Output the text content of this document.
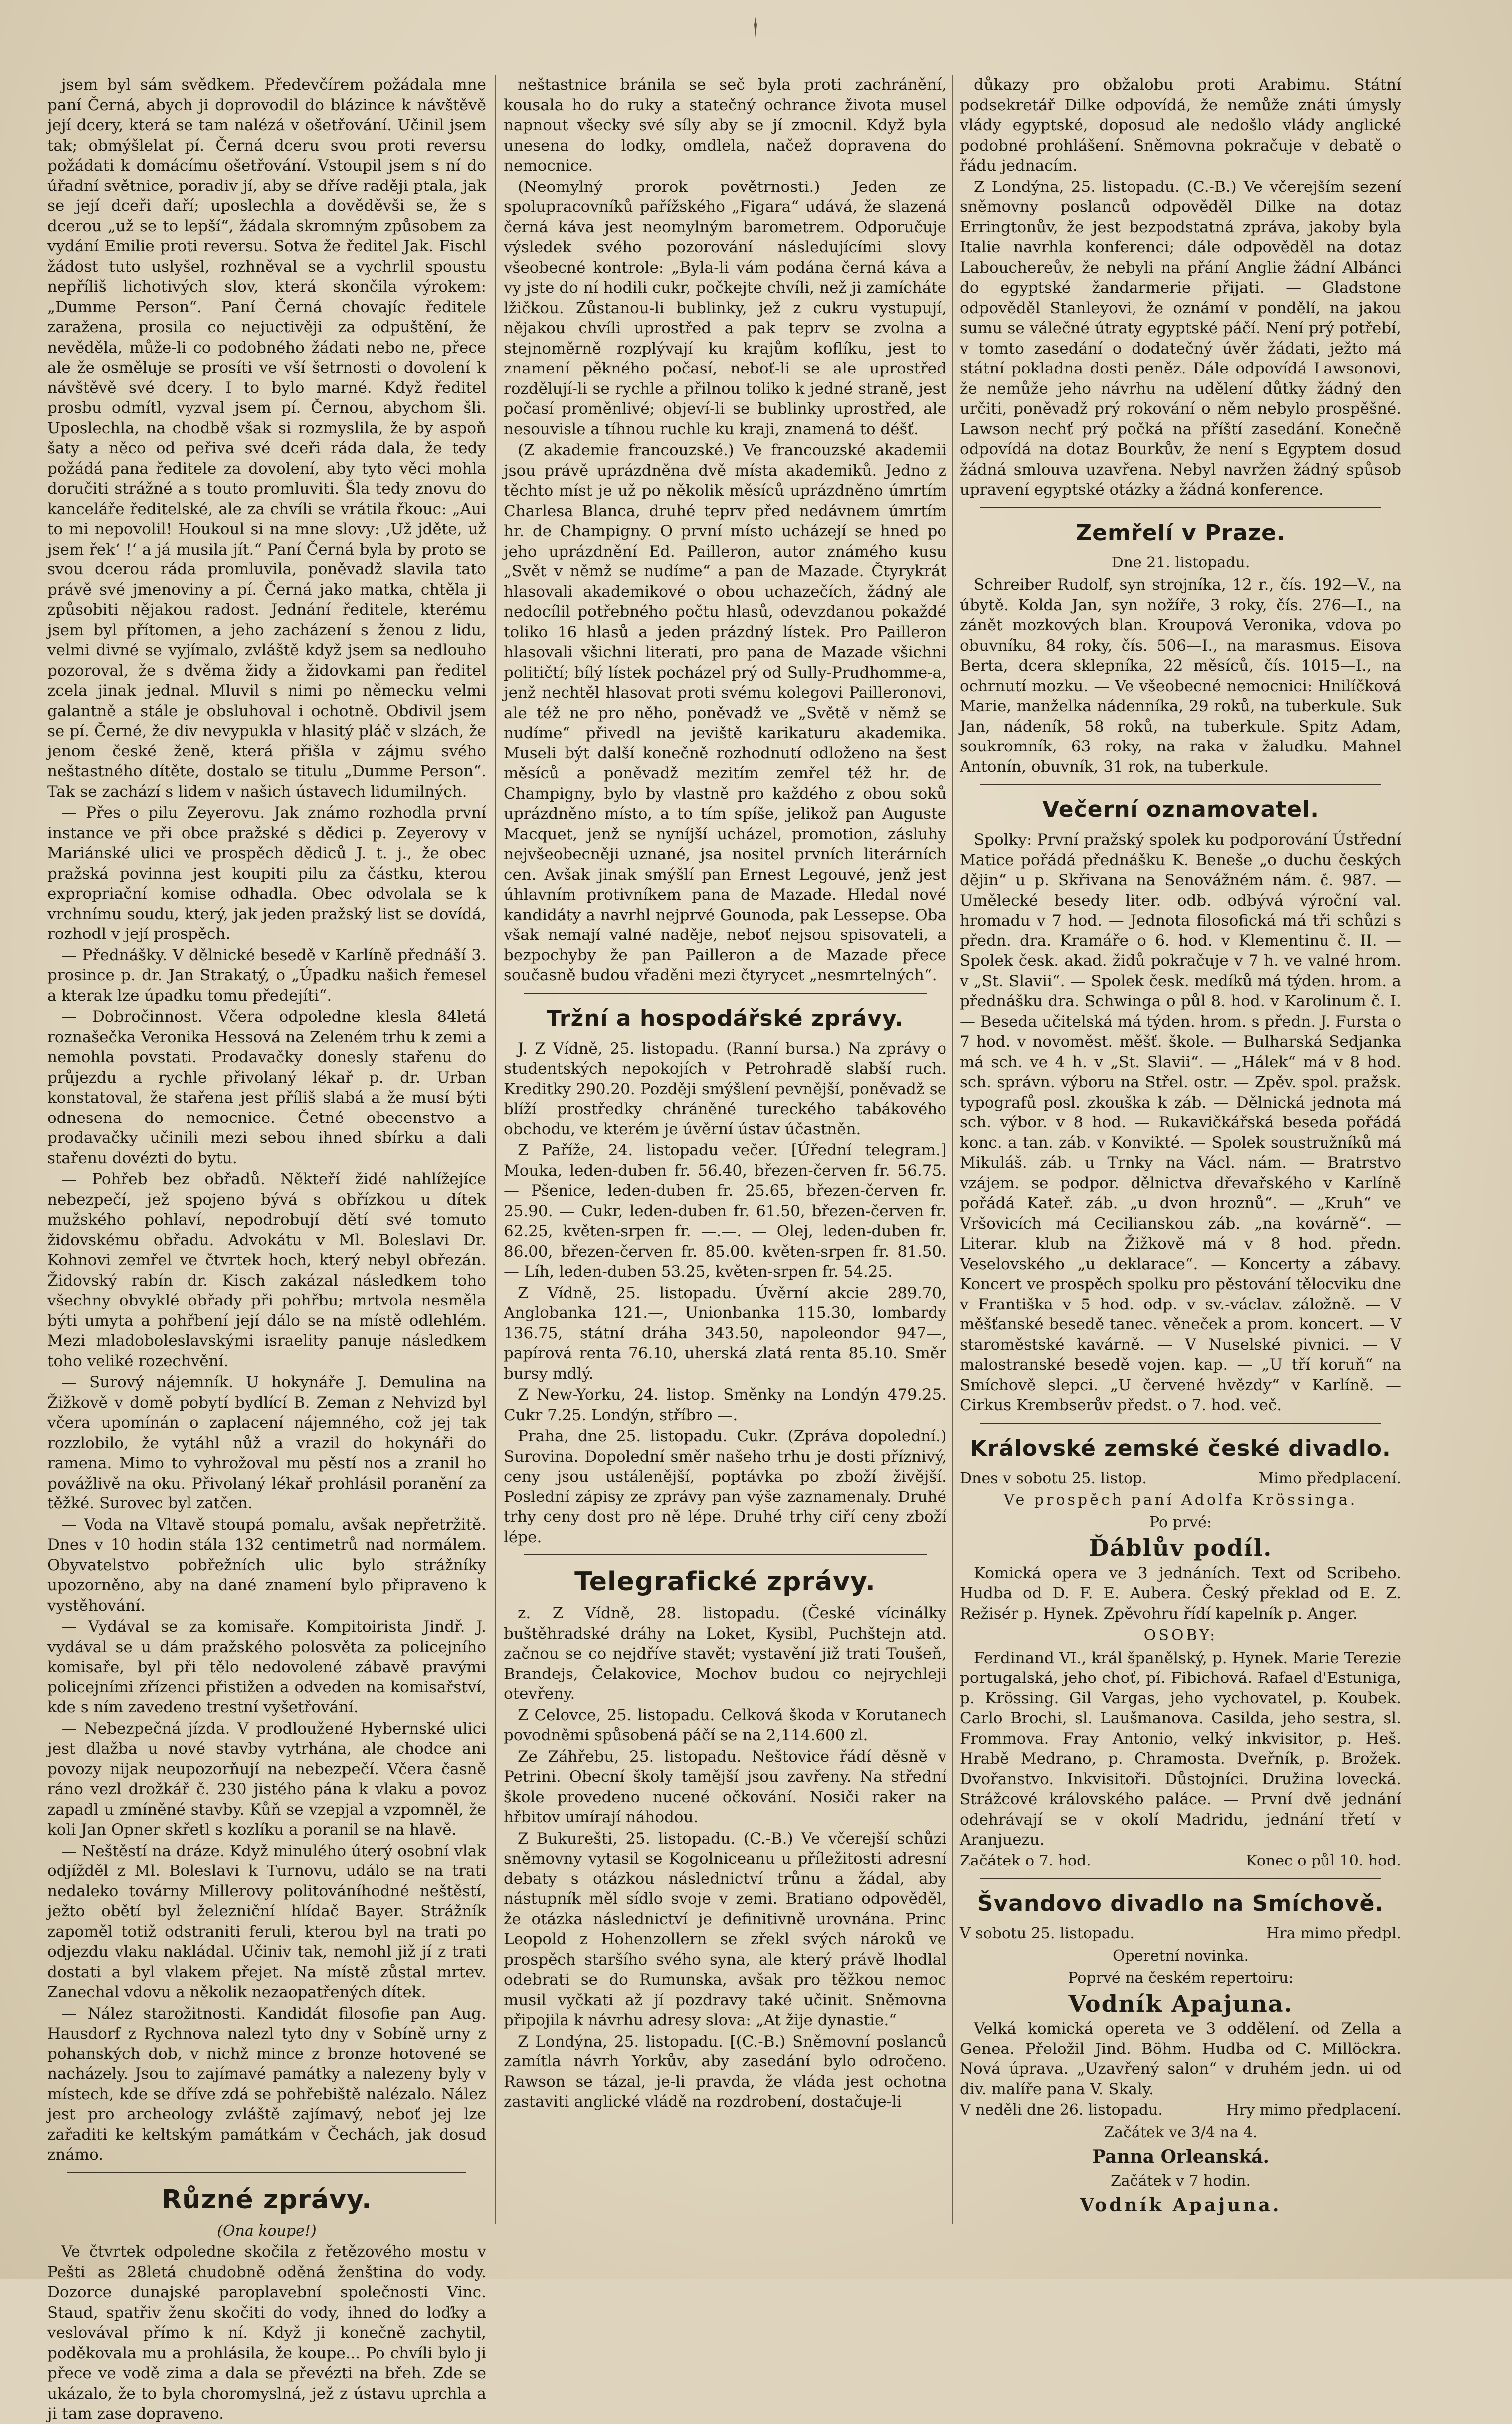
jsem byl sám svědkem. Předevčírem požádala mne paní Černá, abych ji doprovodil do blázince k návštěvě její dcery, která se tam nalézá v ošetřování. Učinil jsem tak; obmýšlelat pí. Černá dceru svou proti reversu požádati k domácímu ošetřování. Vstoupil jsem s ní do úřadní světnice, poradiv jí, aby se dříve raději ptala, jak se její dceři daří; uposlechla a dověděvši se, že s dcerou „už se to lepší“, žádala skromným způsobem za vydání Emilie proti reversu. Sotva že ředitel Jak. Fischl žádost tuto uslyšel, rozhněval se a vychrlil spoustu nepříliš lichotivých slov, která skončila výrokem: „Dumme Person“. Paní Černá chovajíc ředitele zaražena, prosila co nejuctivěji za odpuštění, že nevěděla, může-li co podobného žádati nebo ne, přece ale že osměluje se prosíti ve vší šetrnosti o dovolení k návštěvě své dcery. I to bylo marné. Když ředitel prosbu odmítl, vyzval jsem pí. Černou, abychom šli. Uposlechla, na chodbě však si rozmyslila, že by aspoň šaty a něco od peřiva své dceři ráda dala, že tedy požádá pana ředitele za dovolení, aby tyto věci mohla doručiti strážné a s touto promluviti. Šla tedy znovu do kanceláře ředitelské, ale za chvíli se vrátila řkouc: „Aui to mi nepovolil! Houkoul si na mne slovy: ‚Už jděte, už jsem řek‘ !‘ a já musila jít.“ Paní Černá byla by proto se svou dcerou ráda promluvila, poněvadž slavila tato právě své jmenoviny a pí. Černá jako matka, chtěla ji způsobiti nějakou radost. Jednání ředitele, kterému jsem byl přítomen, a jeho zacházení s ženou z lidu, velmi divné se vyjímalo, zvláště když jsem sa nedlouho pozoroval, že s dvěma židy a židovkami pan ředitel zcela jinak jednal. Mluvil s nimi po německu velmi galantně a stále je obsluhoval i ochotně. Obdivil jsem se pí. Černé, že div nevypukla v hlasitý pláč v slzách, že jenom české ženě, která přišla v zájmu svého neštastného dítěte, dostalo se titulu „Dumme Person“. Tak se zachází s lidem v našich ústavech lidumilných.

— Přes o pilu Zeyerovu. Jak známo rozhodla první instance ve při obce pražské s dědici p. Zeyerovy v Mariánské ulici ve prospěch dědiců J. t. j., že obec pražská povinna jest koupiti pilu za částku, kterou expropriační komise odhadla. Obec odvolala se k vrchnímu soudu, který, jak jeden pražský list se dovídá, rozhodl v její prospěch.

— Přednášky. V dělnické besedě v Karlíně přednáší 3. prosince p. dr. Jan Strakatý, o „Úpadku našich řemesel a kterak lze úpadku tomu předejíti“.

— Dobročinnost. Včera odpoledne klesla 84letá roznašečka Veronika Hessová na Zeleném trhu k zemi a nemohla povstati. Prodavačky donesly stařenu do průjezdu a rychle přivolaný lékař p. dr. Urban konstatoval, že stařena jest příliš slabá a že musí býti odnesena do nemocnice. Četné obecenstvo a prodavačky učinili mezi sebou ihned sbírku a dali stařenu dovézti do bytu.

— Pohřeb bez obřadů. Někteří židé nahlížejíce nebezpečí, jež spojeno bývá s obřízkou u dítek mužského pohlaví, nepodrobují dětí své tomuto židovskému obřadu. Advokátu v Ml. Boleslavi Dr. Kohnovi zemřel ve čtvrtek hoch, který nebyl obřezán. Židovský rabín dr. Kisch zakázal následkem toho všechny obvyklé obřady při pohřbu; mrtvola nesměla býti umyta a pohřbení její dálo se na místě odlehlém. Mezi mladoboleslavskými israelity panuje následkem toho veliké rozechvění.

— Surový nájemník. U hokynáře J. Demulina na Žižkově v domě pobytí bydlící B. Zeman z Nehvizd byl včera upomínán o zaplacení nájemného, což jej tak rozzlobilo, že vytáhl nůž a vrazil do hokynáři do ramena. Mimo to vyhrožoval mu pěstí nos a zranil ho povážlivě na oku. Přivolaný lékař prohlásil poranění za těžké. Surovec byl zatčen.

— Voda na Vltavě stoupá pomalu, avšak nepřetržitě. Dnes v 10 hodin stála 132 centimetrů nad normálem. Obyvatelstvo pobřežních ulic bylo strážníky upozorněno, aby na dané znamení bylo připraveno k vystěhování.

— Vydával se za komisaře. Kompitoirista Jindř. J. vydával se u dám pražského polosvěta za policejního komisaře, byl při tělo nedovolené zábavě pravými policejními zřízenci přistižen a odveden na komisařství, kde s ním zavedeno trestní vyšetřování.

— Nebezpečná jízda. V prodloužené Hybernské ulici jest dlažba u nové stavby vytrhána, ale chodce ani povozy nijak neupozorňují na nebezpečí. Včera časně ráno vezl drožkář č. 230 jistého pána k vlaku a povoz zapadl u zmíněné stavby. Kůň se vzepjal a vzpomněl, že koli Jan Opner skřetl s kozlíku a poranil se na hlavě.

— Neštěstí na dráze. Když minulého úterý osobní vlak odjížděl z Ml. Boleslavi k Turnovu, událo se na trati nedaleko továrny Millerovy politováníhodné neštěstí, ježto obětí byl železniční hlídač Bayer. Strážník zapoměl totiž odstraniti feruli, kterou byl na trati po odjezdu vlaku nakládal. Učiniv tak, nemohl již jí z trati dostati a byl vlakem přejet. Na místě zůstal mrtev. Zanechal vdovu a několik nezaopatřených dítek.

— Nález starožitnosti. Kandidát filosofie pan Aug. Hausdorf z Rychnova nalezl tyto dny v Sobíně urny z pohanských dob, v nichž mince z bronze hotovené se nacházely. Jsou to zajímavé památky a nalezeny byly v místech, kde se dříve zdá se pohřebiště nalézalo. Nález jest pro archeology zvláště zajímavý, neboť jej lze zařaditi ke keltským památkám v Čechách, jak dosud známo.

Různé zprávy.
(Ona koupe!)

Ve čtvrtek odpoledne skočila z řetězového mostu v Pešti as 28letá chudobně oděná ženština do vody. Dozorce dunajské paroplavební společnosti Vinc. Staud, spatřiv ženu skočiti do vody, ihned do loďky a veslovával přímo k ní. Když ji konečně zachytil, poděkovala mu a prohlásila, že koupe... Po chvíli bylo ji přece ve vodě zima a dala se převézti na břeh. Zde se ukázalo, že to byla choromyslná, jež z ústavu uprchla a ji tam zase dopraveno.

neštastnice bránila se seč byla proti zachránění, kousala ho do ruky a statečný ochrance života musel napnout všecky své síly aby se jí zmocnil. Když byla unesena do lodky, omdlela, načež dopravena do nemocnice.

(Neomylný prorok povětrnosti.) Jeden ze spolupracovníků pařížského „Figara“ udává, že slazená černá káva jest neomylným barometrem. Odporučuje výsledek svého pozorování následujícími slovy všeobecné kontrole: „Byla-li vám podána černá káva a vy jste do ní hodili cukr, počkejte chvíli, než ji zamícháte lžičkou. Zůstanou-li bublinky, jež z cukru vystupují, nějakou chvíli uprostřed a pak teprv se zvolna a stejnoměrně rozplývají ku krajům koflíku, jest to znamení pěkného počasí, neboť-li se ale uprostřed rozdělují-li se rychle a přilnou toliko k jedné straně, jest počasí proměnlivé; objeví-li se bublinky uprostřed, ale nesouvisle a tíhnou ruchle ku kraji, znamená to déšť.

(Z akademie francouzské.) Ve francouzské akademii jsou právě uprázdněna dvě místa akademiků. Jedno z těchto míst je už po několik měsíců uprázdněno úmrtím Charlesa Blanca, druhé teprv před nedávnem úmrtím hr. de Champigny. O první místo ucházejí se hned po jeho uprázdnění Ed. Pailleron, autor známého kusu „Svět v němž se nudíme“ a pan de Mazade. Čtyrykrát hlasovali akademikové o obou uchazečích, žádný ale nedocílil potřebného počtu hlasů, odevzdanou pokaždé toliko 16 hlasů a jeden prázdný lístek. Pro Pailleron hlasovali všichni literati, pro pana de Mazade všichni političtí; bílý lístek pocházel prý od Sully-Prudhomme-a, jenž nechtěl hlasovat proti svému kolegovi Pailleronovi, ale též ne pro něho, poněvadž ve „Světě v němž se nudíme“ přivedl na jeviště karikaturu akademika. Museli být další konečně rozhodnutí odloženo na šest měsíců a poněvadž mezitím zemřel též hr. de Champigny, bylo by vlastně pro každého z obou soků uprázdněno místo, a to tím spíše, jelikož pan Auguste Macquet, jenž se nyníjší ucházel, promotion, zásluhy nejvšeobecněji uznané, jsa nositel prvních literárních cen. Avšak jinak smýšlí pan Ernest Legouvé, jenž jest úhlavním protivníkem pana de Mazade. Hledal nové kandidáty a navrhl nejprvé Gounoda, pak Lessepse. Oba však nemají valné naděje, neboť nejsou spisovateli, a bezpochyby že pan Pailleron a de Mazade přece současně budou vřaděni mezi čtyrycet „nesmrtelných“.

Tržní a hospodářské zprávy.

J. Z Vídně, 25. listopadu. (Ranní bursa.) Na zprávy o studentských nepokojích v Petrohradě slabší ruch. Kreditky 290.20. Později smýšlení pevnější, poněvadž se blíží prostředky chráněné tureckého tabákového obchodu, ve kterém je úvěrní ústav účastněn.

Z Paříže, 24. listopadu večer. [Úřední telegram.] Mouka, leden-duben fr. 56.40, březen-červen fr. 56.75. — Pšenice, leden-duben fr. 25.65, březen-červen fr. 25.90. — Cukr, leden-duben fr. 61.50, březen-červen fr. 62.25, květen-srpen fr. —.—. — Olej, leden-duben fr. 86.00, březen-červen fr. 85.00. květen-srpen fr. 81.50. — Líh, leden-duben 53.25, květen-srpen fr. 54.25.

Z Vídně, 25. listopadu. Úvěrní akcie 289.70, Anglobanka 121.—, Unionbanka 115.30, lombardy 136.75, státní dráha 343.50, napoleondor 947—, papírová renta 76.10, uherská zlatá renta 85.10. Směr bursy mdlý.

Z New-Yorku, 24. listop. Směnky na Londýn 479.25. Cukr 7.25. Londýn, stříbro —.

Praha, dne 25. listopadu. Cukr. (Zpráva dopolední.) Surovina. Dopolední směr našeho trhu je dosti příznivý, ceny jsou ustálenější, poptávka po zboží živější. Poslední zápisy ze zprávy pan výše zaznamenaly. Druhé trhy ceny dost pro ně lépe. Druhé trhy ciří ceny zboží lépe.

Telegrafické zprávy.

z. Z Vídně, 28. listopadu. (České vícinálky buštěhradské dráhy na Loket, Kysibl, Puchštejn atd. začnou se co nejdříve stavět; vystavění již trati Toušeň, Brandejs, Čelakovice, Mochov budou co nejrychleji otevřeny.

Z Celovce, 25. listopadu. Celková škoda v Korutanech povodněmi spůsobená páčí se na 2,114.600 zl.

Ze Záhřebu, 25. listopadu. Neštovice řádí děsně v Petrini. Obecní školy tamější jsou zavřeny. Na střední škole provedeno nucené očkování. Nosiči raker na hřbitov umírají náhodou.

Z Bukurešti, 25. listopadu. (C.-B.) Ve včerejší schůzi sněmovny vytasil se Kogolniceanu u příležitosti adresní debaty s otázkou následnictví trůnu a žádal, aby nástupník měl sídlo svoje v zemi. Bratiano odpověděl, že otázka následnictví je definitivně urovnána. Princ Leopold z Hohenzollern se zřekl svých nároků ve prospěch staršího svého syna, ale který právě lhodlal odebrati se do Rumunska, avšak pro těžkou nemoc musil vyčkati až jí pozdravy také učinit. Sněmovna připojila k návrhu adresy slova: „At žije dynastie.“

Z Londýna, 25. listopadu. [(C.-B.) Sněmovní poslanců zamítla návrh Yorkův, aby zasedání bylo odročeno. Rawson se tázal, je-li pravda, že vláda jest ochotna zastaviti anglické vládě na rozdrobení, dostačuje-li

důkazy pro obžalobu proti Arabimu. Státní podsekretář Dilke odpovídá, že nemůže znáti úmysly vlády egyptské, doposud ale nedošlo vlády anglické podobné prohlášení. Sněmovna pokračuje v debatě o řádu jednacím.

Z Londýna, 25. listopadu. (C.-B.) Ve včerejším sezení sněmovny poslanců odpověděl Dilke na dotaz Erringtonův, že jest bezpodstatná zpráva, jakoby byla Italie navrhla konferenci; dále odpověděl na dotaz Labouchereův, že nebyli na přání Anglie žádní Albánci do egyptské žandarmerie přijati. — Gladstone odpověděl Stanleyovi, že oznámí v pondělí, na jakou sumu se válečné útraty egyptské páčí. Není prý potřebí, v tomto zasedání o dodatečný úvěr žádati, ježto má státní pokladna dosti peněz. Dále odpovídá Lawsonovi, že nemůže jeho návrhu na udělení důtky žádný den určiti, poněvadž prý rokování o něm nebylo prospěšné. Lawson nechť prý počká na příští zasedání. Konečně odpovídá na dotaz Bourkův, že není s Egyptem dosud žádná smlouva uzavřena. Nebyl navržen žádný spůsob upravení egyptské otázky a žádná konference.

Zemřelí v Praze.
Dne 21. listopadu.

Schreiber Rudolf, syn strojníka, 12 r., čís. 192—V., na úbytě. Kolda Jan, syn nožíře, 3 roky, čís. 276—I., na zánět mozkových blan. Kroupová Veronika, vdova po obuvníku, 84 roky, čís. 506—I., na marasmus. Eisova Berta, dcera sklepníka, 22 měsíců, čís. 1015—I., na ochrnutí mozku. — Ve všeobecné nemocnici: Hnilíčková Marie, manželka nádenníka, 29 roků, na tuberkule. Suk Jan, nádeník, 58 roků, na tuberkule. Spitz Adam, soukromník, 63 roky, na raka v žaludku. Mahnel Antonín, obuvník, 31 rok, na tuberkule.

Večerní oznamovatel.

Spolky: První pražský spolek ku podporování Ústřední Matice pořádá přednášku K. Beneše „o duchu českých dějin“ u p. Skřivana na Senovážném nám. č. 987. — Umělecké besedy liter. odb. odbývá výroční val. hromadu v 7 hod. — Jednota filosofická má tři schůzi s předn. dra. Kramáře o 6. hod. v Klementinu č. II. — Spolek česk. akad. židů pokračuje v 7 h. ve valné hrom. v „St. Slavii“. — Spolek česk. medíků má týden. hrom. a přednášku dra. Schwinga o půl 8. hod. v Karolinum č. I. — Beseda učitelská má týden. hrom. s předn. J. Fursta o 7 hod. v novoměst. měšť. škole. — Bulharská Sedjanka má sch. ve 4 h. v „St. Slavii“. — „Hálek“ má v 8 hod. sch. správn. výboru na Střel. ostr. — Zpěv. spol. pražsk. typografů posl. zkouška k záb. — Dělnická jednota má sch. výbor. v 8 hod. — Rukavičkářská beseda pořádá konc. a tan. záb. v Konvikté. — Spolek soustružníků má Mikuláš. záb. u Trnky na Václ. nám. — Bratrstvo vzájem. se podpor. dělnictva dřevařského v Karlíně pořádá Kateř. záb. „u dvon hroznů“. — „Kruh“ ve Vršovicích má Cecilianskou záb. „na kovárně“. — Literar. klub na Žižkově má v 8 hod. předn. Veselovského „u deklarace“. — Koncerty a zábavy. Koncert ve prospěch spolku pro pěstování tělocviku dne v Františka v 5 hod. odp. v sv.-václav. záložně. — V měšťanské besedě tanec. věneček a prom. koncert. — V staroměstské kavárně. — V Nuselské pivnici. — V malostranské besedě vojen. kap. — „U tří koruň“ na Smíchově slepci. „U červené hvězdy“ v Karlíně. — Cirkus Krembserův předst. o 7. hod. več.

Královské zemské české divadlo.
Dnes v sobotu 25. listop.	Mimo předplacení.
Ve prospěch paní Adolfa Krössinga.
Po prvé:
Ďáblův podíl.

Komická opera ve 3 jednáních. Text od Scribeho. Hudba od D. F. E. Aubera. Český překlad od E. Z. Režisér p. Hynek. Zpěvohru řídí kapelník p. Anger.

OSOBY:

Ferdinand VI., král španělský, p. Hynek. Marie Terezie portugalská, jeho choť, pí. Fibichová. Rafael d'Estuniga, p. Krössing. Gil Vargas, jeho vychovatel, p. Koubek. Carlo Brochi, sl. Laušmanova. Casilda, jeho sestra, sl. Frommova. Fray Antonio, velký inkvisitor, p. Heš. Hrabě Medrano, p. Chramosta. Dveřník, p. Brožek. Dvořanstvo. Inkvisitoři. Důstojníci. Družina lovecká. Strážcové královského paláce. — První dvě jednání odehrávají se v okolí Madridu, jednání třetí v Aranjuezu.

Začátek o 7. hod.	Konec o půl 10. hod.
Švandovo divadlo na Smíchově.
V sobotu 25. listopadu.	Hra mimo předpl.
Operetní novinka.
Poprvé na českém repertoiru:
Vodník Apajuna.

Velká komická opereta ve 3 oddělení. od Zella a Genea. Přeložil Jind. Böhm. Hudba od C. Millöckra. Nová úprava. „Uzavřený salon“ v druhém jedn. ui od div. malíře pana V. Skaly.

V neděli dne 26. listopadu.	Hry mimo předplacení.
Začátek ve 3/4 na 4.
Panna Orleanská.
Začátek v 7 hodin.
Vodník Apajuna.
